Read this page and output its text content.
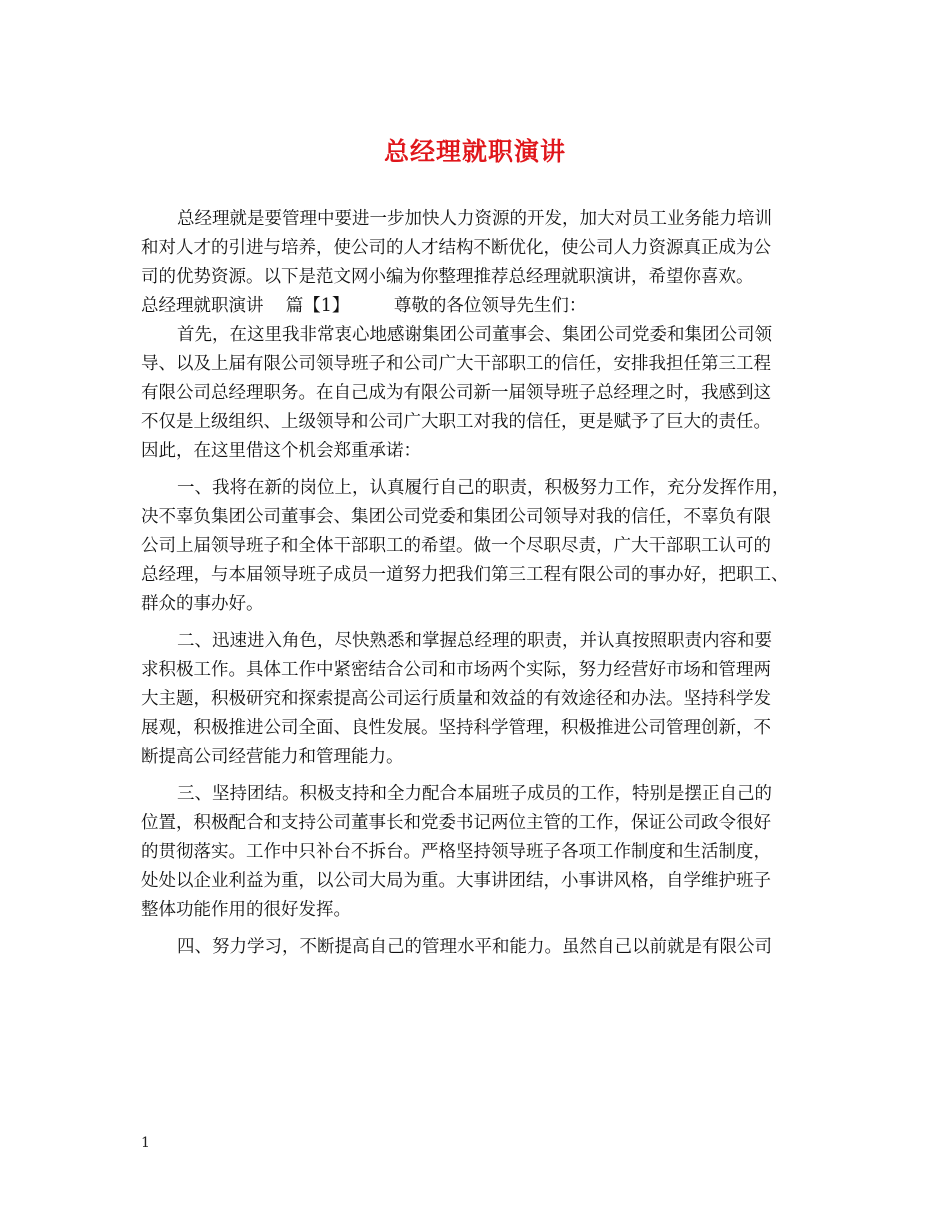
总经理就职演讲
总经理就是要管理中要进一步加快人力资源的开发，加大对员工业务能力培训
和对人才的引进与培养，使公司的人才结构不断优化，使公司人力资源真正成为公
司的优势资源。以下是范文网小编为你整理推荐总经理就职演讲，希望你喜欢。
总经理就职演讲    篇【1】        尊敬的各位领导先生们：
首先，在这里我非常衷心地感谢集团公司董事会、集团公司党委和集团公司领
导、以及上届有限公司领导班子和公司广大干部职工的信任，安排我担任第三工程
有限公司总经理职务。在自己成为有限公司新一届领导班子总经理之时，我感到这
不仅是上级组织、上级领导和公司广大职工对我的信任，更是赋予了巨大的责任。
因此，在这里借这个机会郑重承诺：
一、我将在新的岗位上，认真履行自己的职责，积极努力工作，充分发挥作用，
决不辜负集团公司董事会、集团公司党委和集团公司领导对我的信任，不辜负有限
公司上届领导班子和全体干部职工的希望。做一个尽职尽责，广大干部职工认可的
总经理，与本届领导班子成员一道努力把我们第三工程有限公司的事办好，把职工、
群众的事办好。
二、迅速进入角色，尽快熟悉和掌握总经理的职责，并认真按照职责内容和要
求积极工作。具体工作中紧密结合公司和市场两个实际，努力经营好市场和管理两
大主题，积极研究和探索提高公司运行质量和效益的有效途径和办法。坚持科学发
展观，积极推进公司全面、良性发展。坚持科学管理，积极推进公司管理创新，不
断提高公司经营能力和管理能力。
三、坚持团结。积极支持和全力配合本届班子成员的工作，特别是摆正自己的
位置，积极配合和支持公司董事长和党委书记两位主管的工作，保证公司政令很好
的贯彻落实。工作中只补台不拆台。严格坚持领导班子各项工作制度和生活制度，
处处以企业利益为重，以公司大局为重。大事讲团结，小事讲风格，自学维护班子
整体功能作用的很好发挥。
四、努力学习，不断提高自己的管理水平和能力。虽然自己以前就是有限公司
1
